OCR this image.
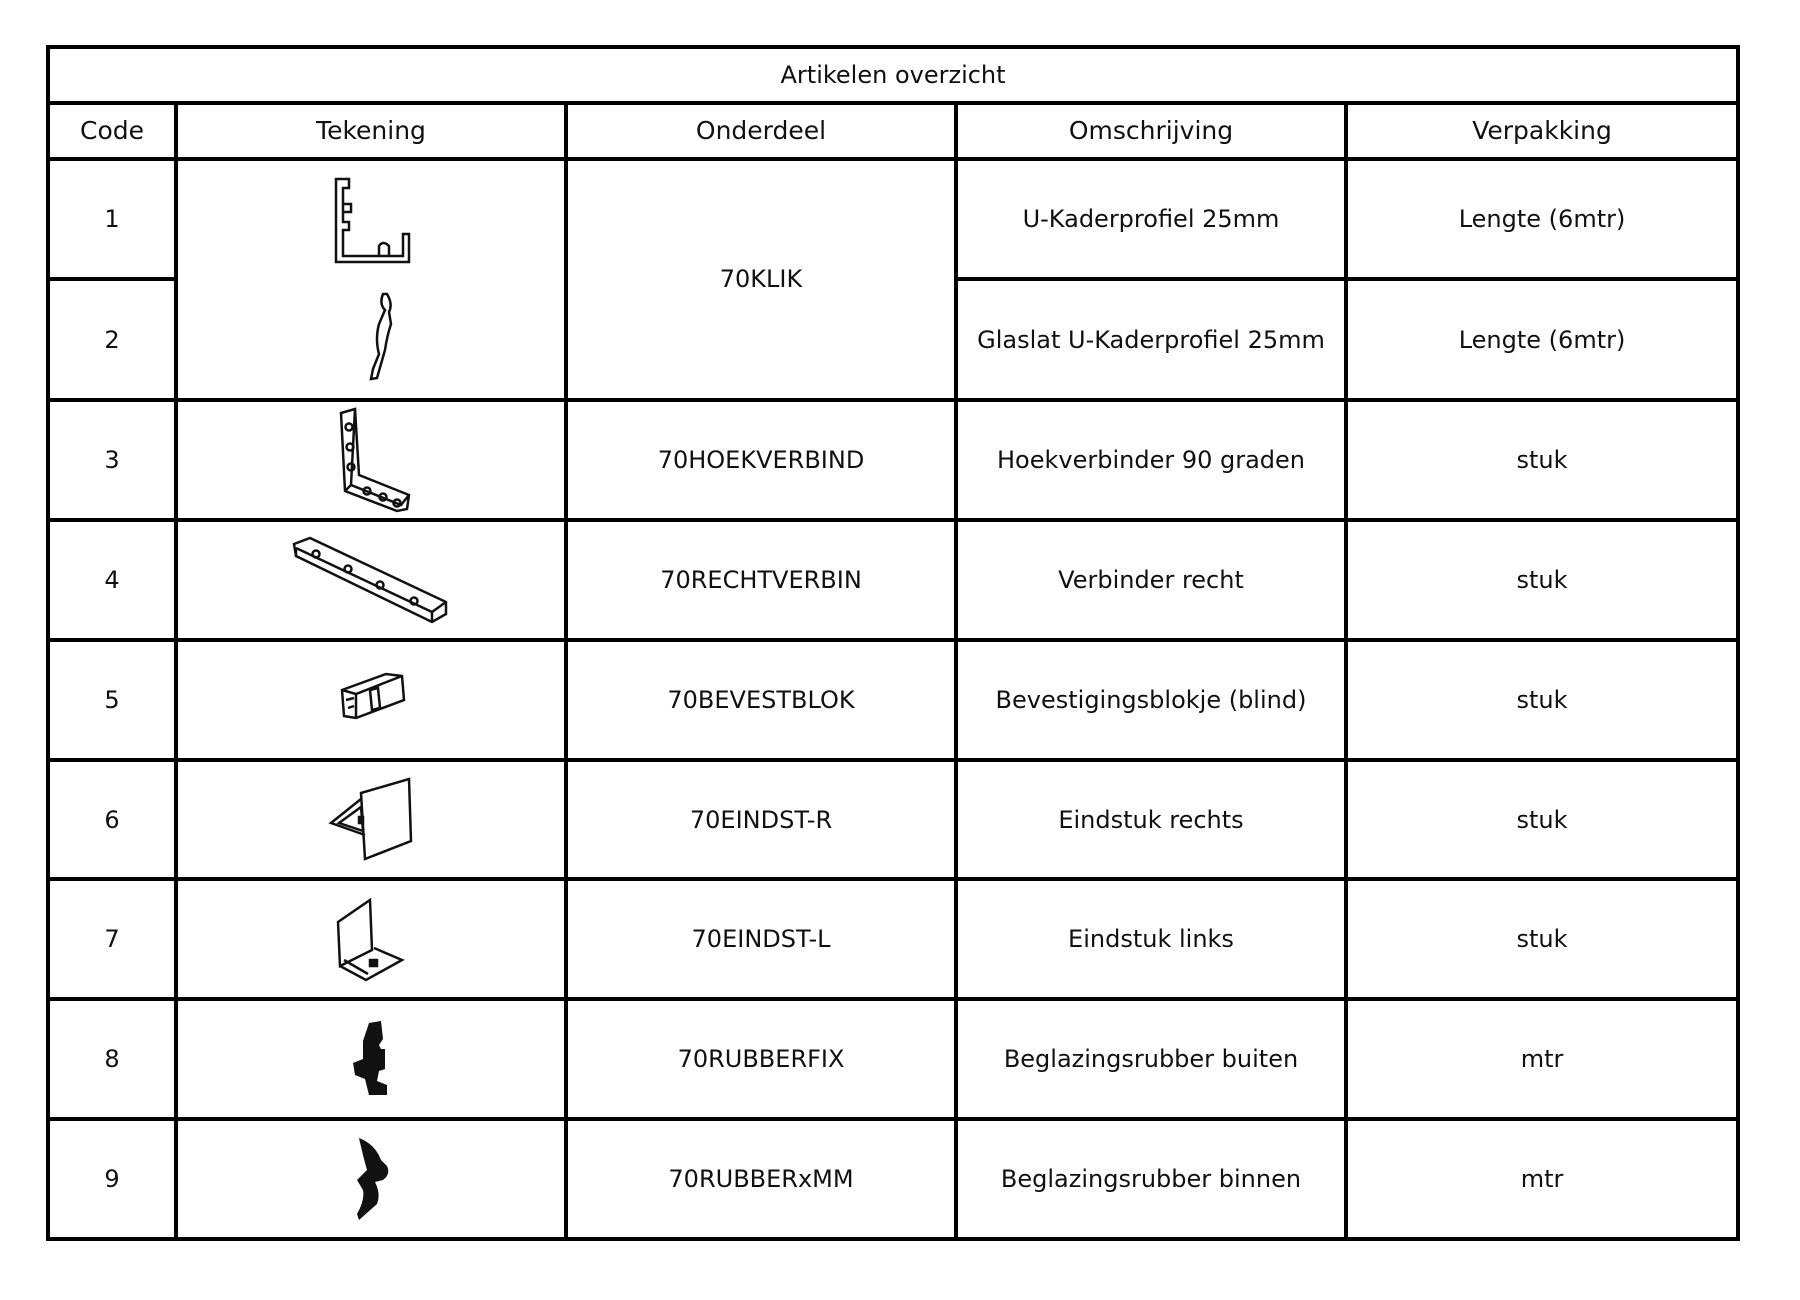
Artikelen overzicht				
Code	Tekening	Onderdeel	Omschrijving	Verpakking
1		70KLIK	U-Kaderprofiel 25mm	Lengte (6mtr)
2			Glaslat U-Kaderprofiel 25mm	Lengte (6mtr)
3		70HOEKVERBIND	Hoekverbinder 90 graden	stuk
4		70RECHTVERBIN	Verbinder recht	stuk
5		70BEVESTBLOK	Bevestigingsblokje (blind)	stuk
6		70EINDST-R	Eindstuk rechts	stuk
7		70EINDST-L	Eindstuk links	stuk
8		70RUBBERFIX	Beglazingsrubber buiten	mtr
9		70RUBBERxMM	Beglazingsrubber binnen	mtr
